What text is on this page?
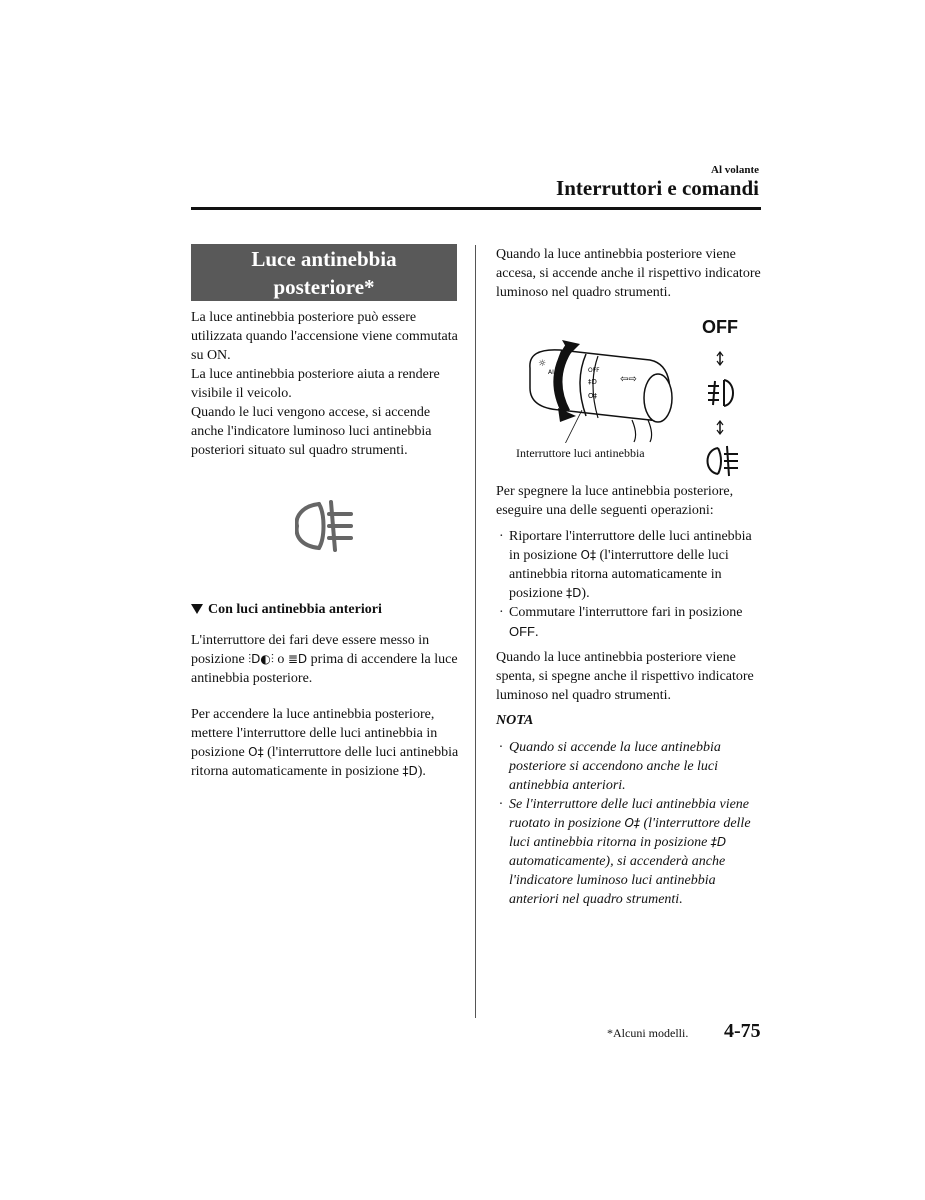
Al volante
Interruttori e comandi
Luce antinebbia
posteriore*

La luce antinebbia posteriore può essere utilizzata quando l'accensione viene commutata su ON.

La luce antinebbia posteriore aiuta a rendere visibile il veicolo.

Quando le luci vengono accese, si accende anche l'indicatore luminoso luci antinebbia posteriori situato sul quadro strumenti.

Con luci antinebbia anteriori
L'interruttore dei fari deve essere messo in posizione ⫶D◐⫶ o ≣D prima di accendere la luce antinebbia posteriore.
Per accendere la luce antinebbia posteriore, mettere l'interruttore delle luci antinebbia in posizione O‡ (l'interruttore delle luci antinebbia ritorna automaticamente in posizione ‡D).
Quando la luce antinebbia posteriore viene accesa, si accende anche il rispettivo indicatore luminoso nel quadro strumenti.
☼
AI	OFF
‡D
O‡
⇦⇨
OFF
Interruttore luci antinebbia
Per spegnere la luce antinebbia posteriore, eseguire una delle seguenti operazioni:
· Riportare l'interruttore delle luci antinebbia in posizione O‡ (l'interruttore delle luci antinebbia ritorna automaticamente in posizione ‡D).
· Commutare l'interruttore fari in posizione OFF.
Quando la luce antinebbia posteriore viene spenta, si spegne anche il rispettivo indicatore luminoso nel quadro strumenti.
NOTA
· Quando si accende la luce antinebbia posteriore si accendono anche le luci antinebbia anteriori.
· Se l'interruttore delle luci antinebbia viene ruotato in posizione O‡ (l'interruttore delle luci antinebbia ritorna in posizione ‡D automaticamente), si accenderà anche l'indicatore luminoso luci antinebbia anteriori nel quadro strumenti.
*Alcuni modelli. 4-75
